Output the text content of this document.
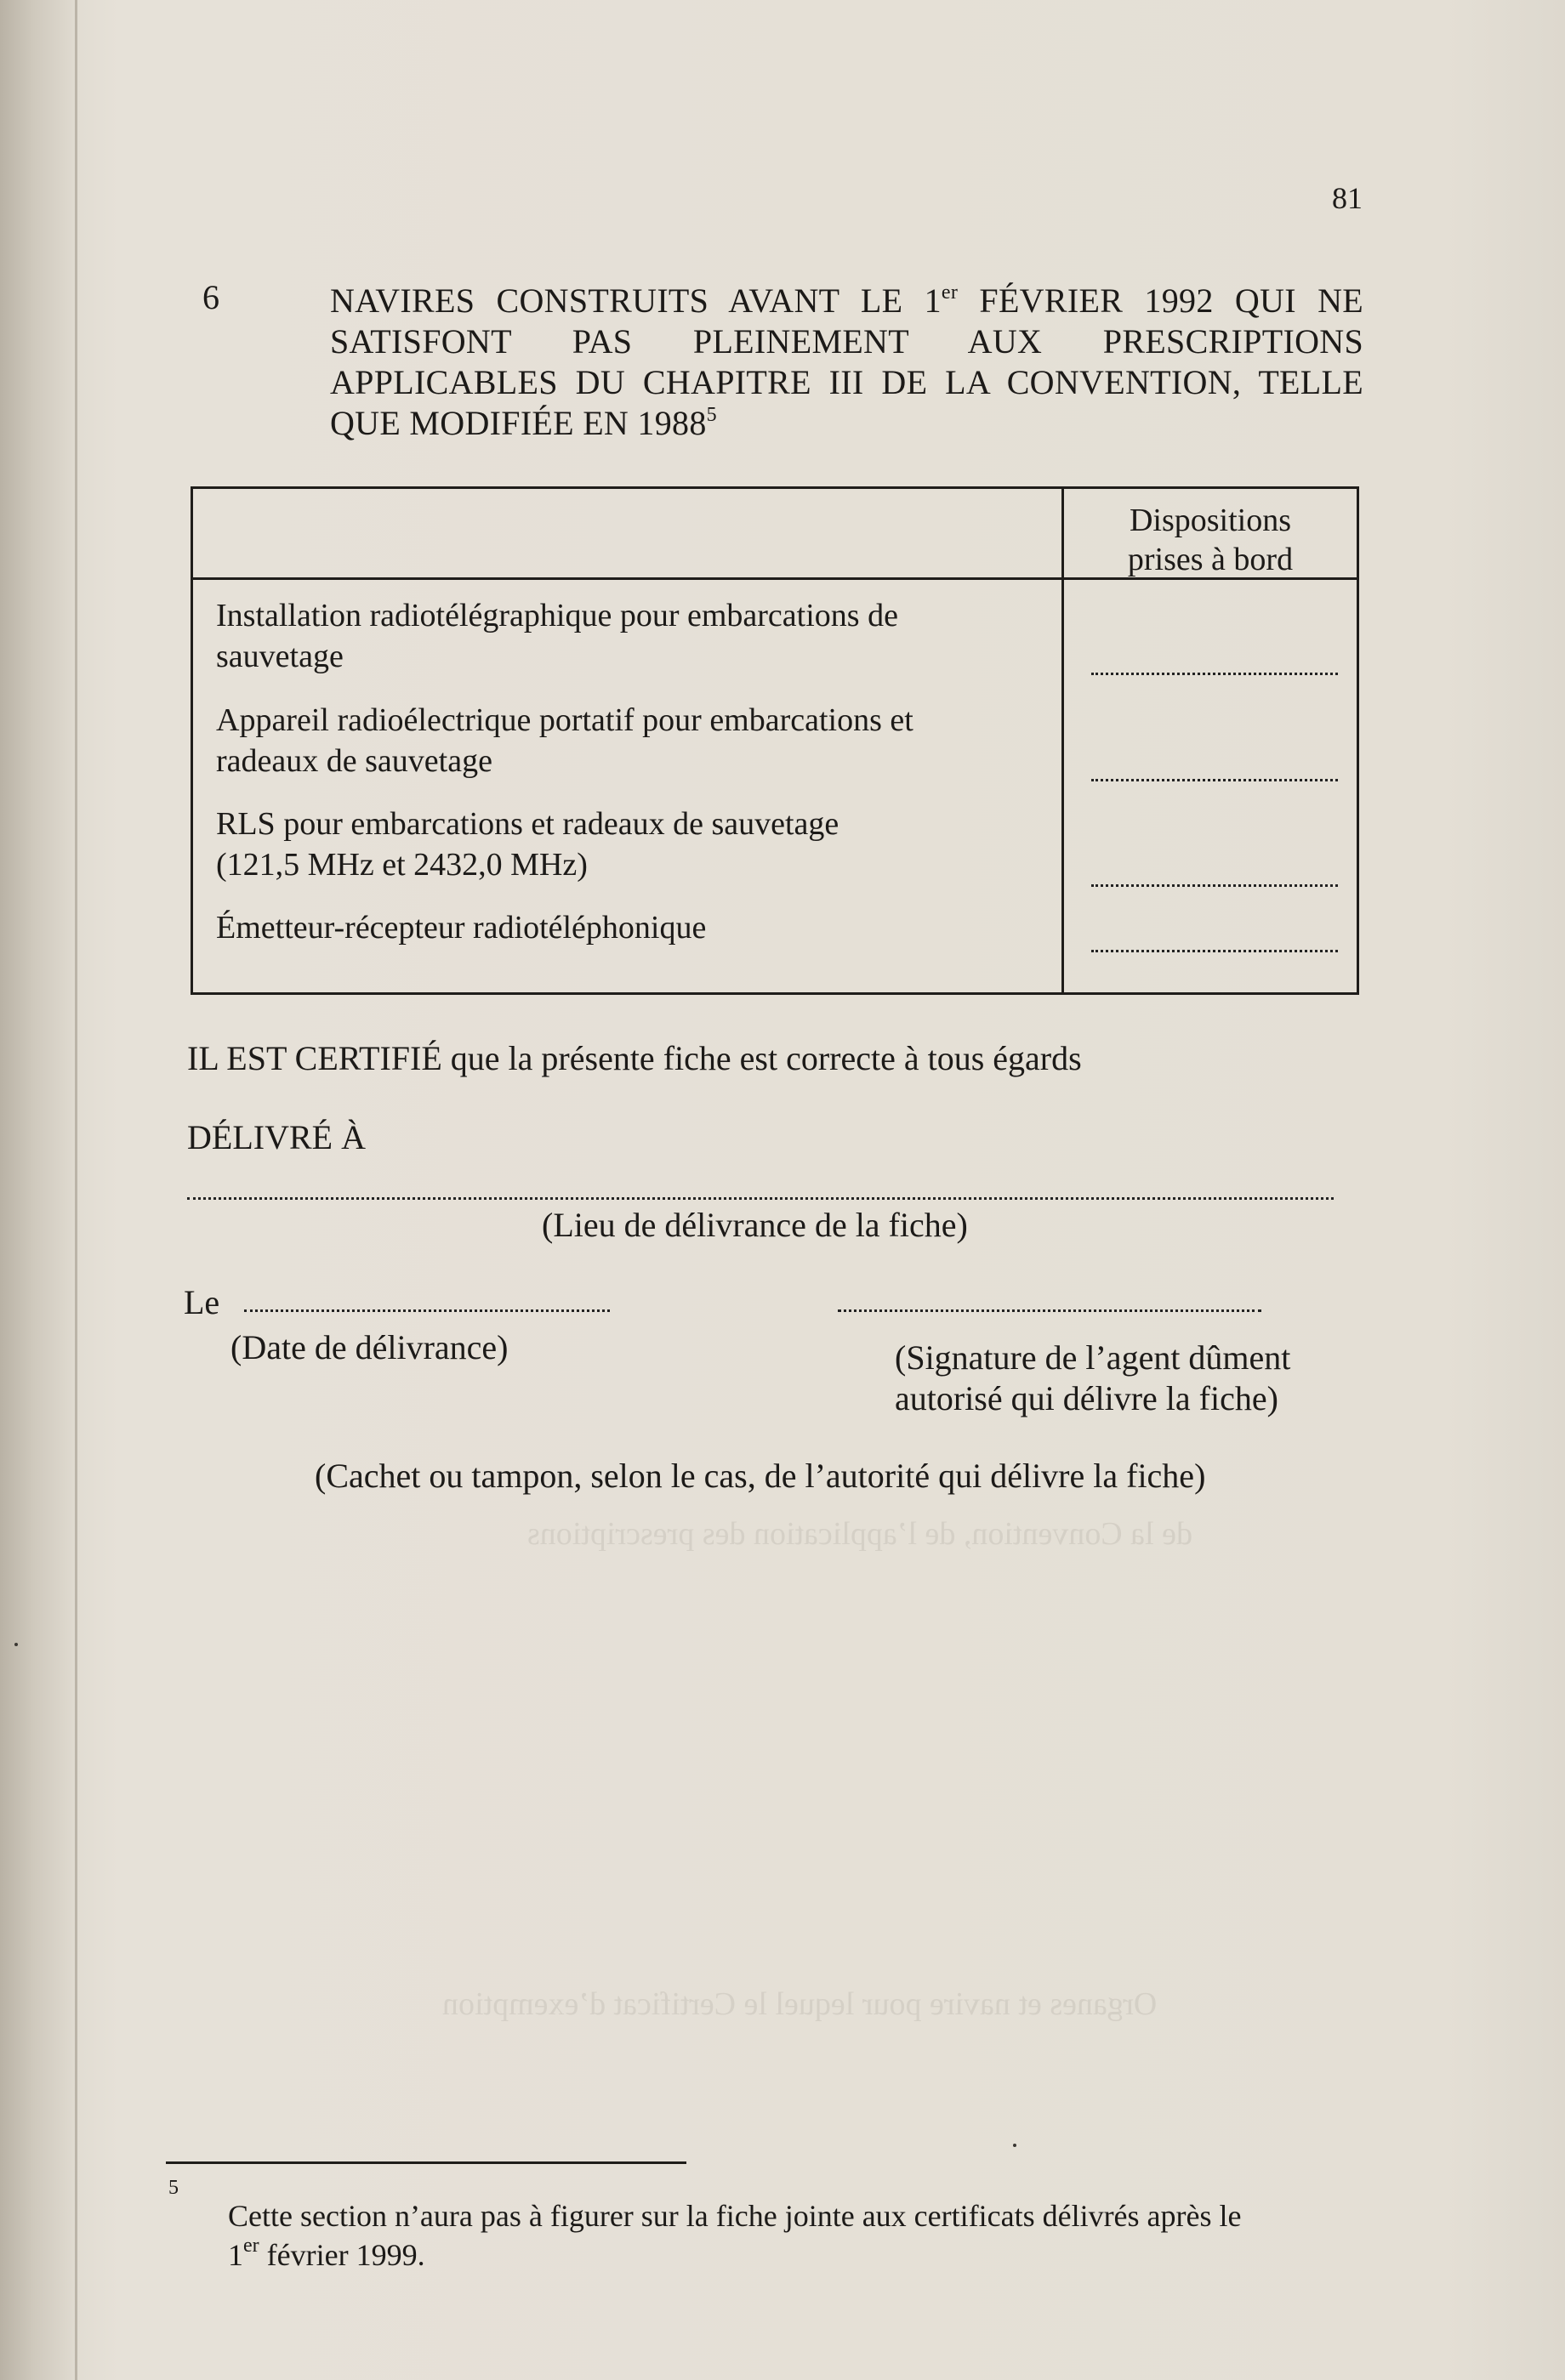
de la Convention, de l’application des prescriptions
Organes et navire pour lequel le Certificat d’exemption
81
6	NAVIRES CONSTRUITS AVANT LE 1er FÉVRIER 1992 QUI NE
SATISFONT PAS PLEINEMENT AUX PRESCRIPTIONS
APPLICABLES DU CHAPITRE III DE LA CONVENTION, TELLE
QUE MODIFIÉE EN 1988$^5$
Dispositions
prises à bord
Installation radiotélégraphique pour embarcations de
sauvetage
Appareil radioélectrique portatif pour embarcations et
radeaux de sauvetage
RLS pour embarcations et radeaux de sauvetage
(121,5 MHz et 2432,0 MHz)
Émetteur-récepteur radiotéléphonique
IL EST CERTIFIÉ que la présente fiche est correcte à tous égards
DÉLIVRÉ À
(Lieu de délivrance de la fiche)
Le
(Date de délivrance)	(Signature de l’agent dûment
autorisé qui délivre la fiche)
(Cachet ou tampon, selon le cas, de l’autorité qui délivre la fiche)
5
Cette section n’aura pas à figurer sur la fiche jointe aux certificats délivrés après le
1er février 1999.
